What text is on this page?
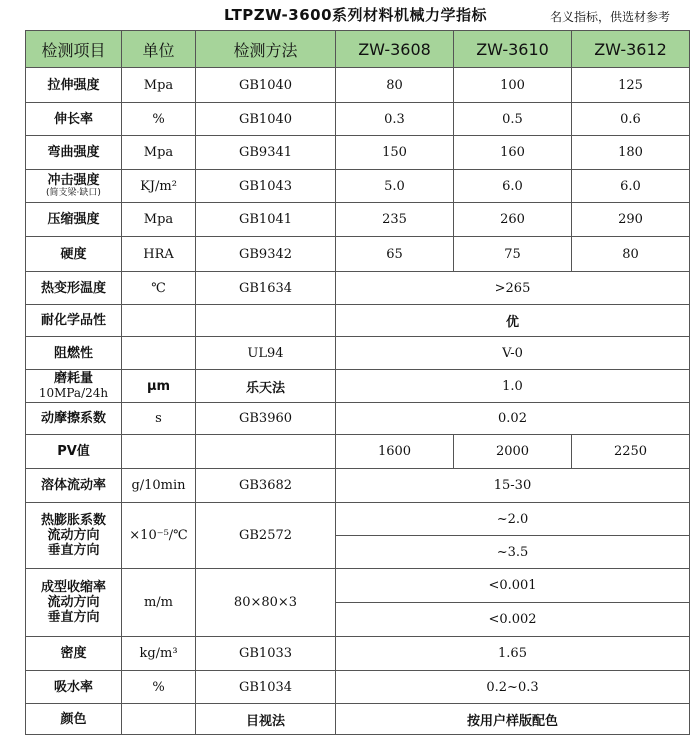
LTPZW-3600系列材料机械力学指标	名义指标，供选材参考
检测项目	单位	检测方法	ZW-3608	ZW-3610	ZW-3612
拉伸强度	Mpa	GB1040	80	100	125
伸长率	%	GB1040	0.3	0.5	0.6
弯曲强度	Mpa	GB9341	150	160	180

冲击强度
(简支梁·缺口)	KJ/m²	GB1043	5.0	6.0	6.0
压缩强度	Mpa	GB1041	235	260	290
硬度	HRA	GB9342	65	75	80
热变形温度	℃	GB1634	>265		
耐化学品性			优		
阻燃性		UL94	V-0		

磨耗量
10MPa/24h	μm	乐天法	1.0		
动摩擦系数	s	GB3960	0.02		
PV值			1600	2000	2250
溶体流动率	g/10min	GB3682	15-30		

热膨胀系数
流动方向
垂直方向	×10⁻⁵/℃	GB2572	~2.0		
			~3.5		

成型收缩率
流动方向
垂直方向	m/m	80×80×3	<0.001		
			<0.002		
密度	kg/m³	GB1033	1.65		
吸水率	%	GB1034	0.2~0.3		
颜色		目视法	按用户样版配色		
